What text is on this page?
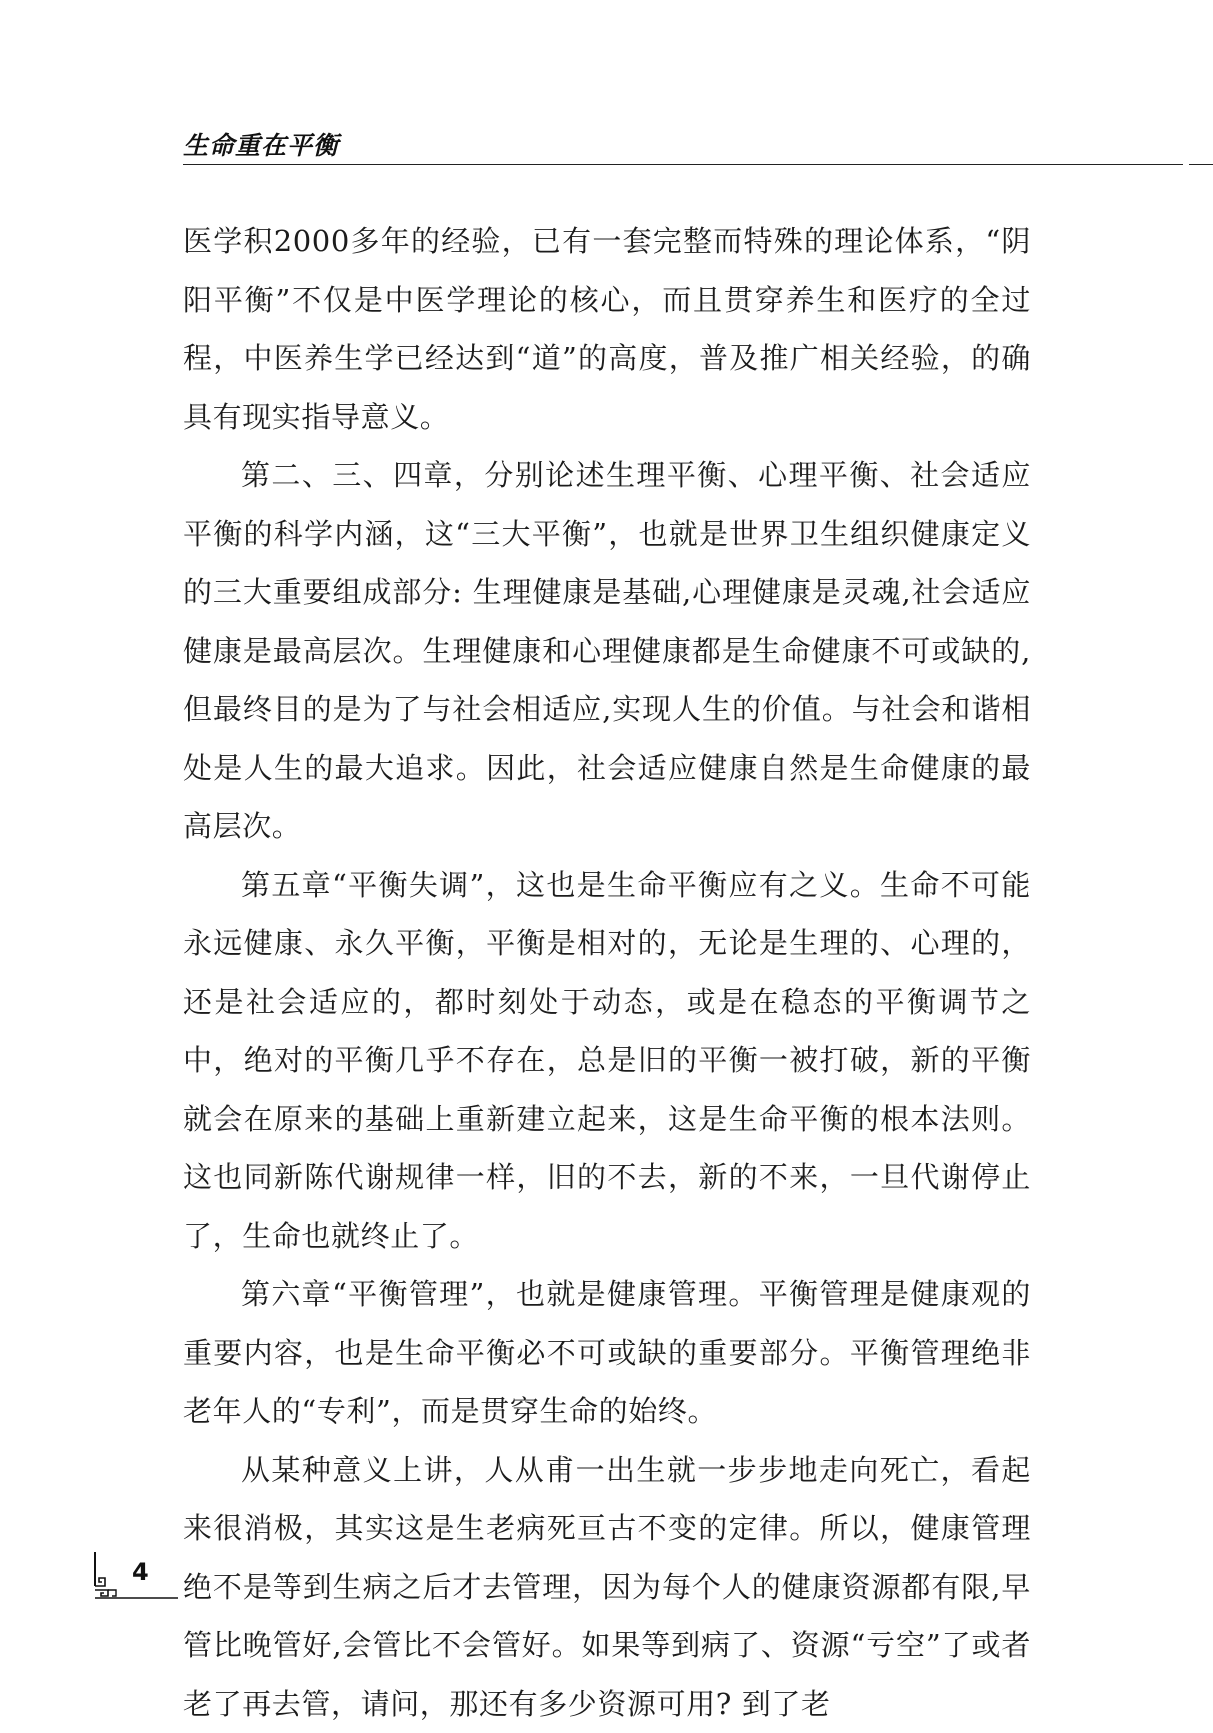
生命重在平衡

医学积2000多年的经验，已有一套完整而特殊的理论体系，“阴阳平衡”不仅是中医学理论的核心，而且贯穿养生和医疗的全过程，中医养生学已经达到“道”的高度，普及推广相关经验，的确具有现实指导意义。

第二、三、四章，分别论述生理平衡、心理平衡、社会适应平衡的科学内涵，这“三大平衡”，也就是世界卫生组织健康定义的三大重要组成部分: 生理健康是基础,心理健康是灵魂,社会适应健康是最高层次。生理健康和心理健康都是生命健康不可或缺的,但最终目的是为了与社会相适应,实现人生的价值。与社会和谐相处是人生的最大追求。因此，社会适应健康自然是生命健康的最高层次。

第五章“平衡失调”，这也是生命平衡应有之义。生命不可能永远健康、永久平衡，平衡是相对的，无论是生理的、心理的，还是社会适应的，都时刻处于动态，或是在稳态的平衡调节之中，绝对的平衡几乎不存在，总是旧的平衡一被打破，新的平衡就会在原来的基础上重新建立起来，这是生命平衡的根本法则。这也同新陈代谢规律一样，旧的不去，新的不来，一旦代谢停止了，生命也就终止了。

第六章“平衡管理”，也就是健康管理。平衡管理是健康观的重要内容，也是生命平衡必不可或缺的重要部分。平衡管理绝非老年人的“专利”，而是贯穿生命的始终。

从某种意义上讲，人从甫一出生就一步步地走向死亡，看起来很消极，其实这是生老病死亘古不变的定律。所以，健康管理绝不是等到生病之后才去管理，因为每个人的健康资源都有限,早管比晚管好,会管比不会管好。如果等到病了、资源“亏空”了或者老了再去管，请问，那还有多少资源可用? 到了老

4
